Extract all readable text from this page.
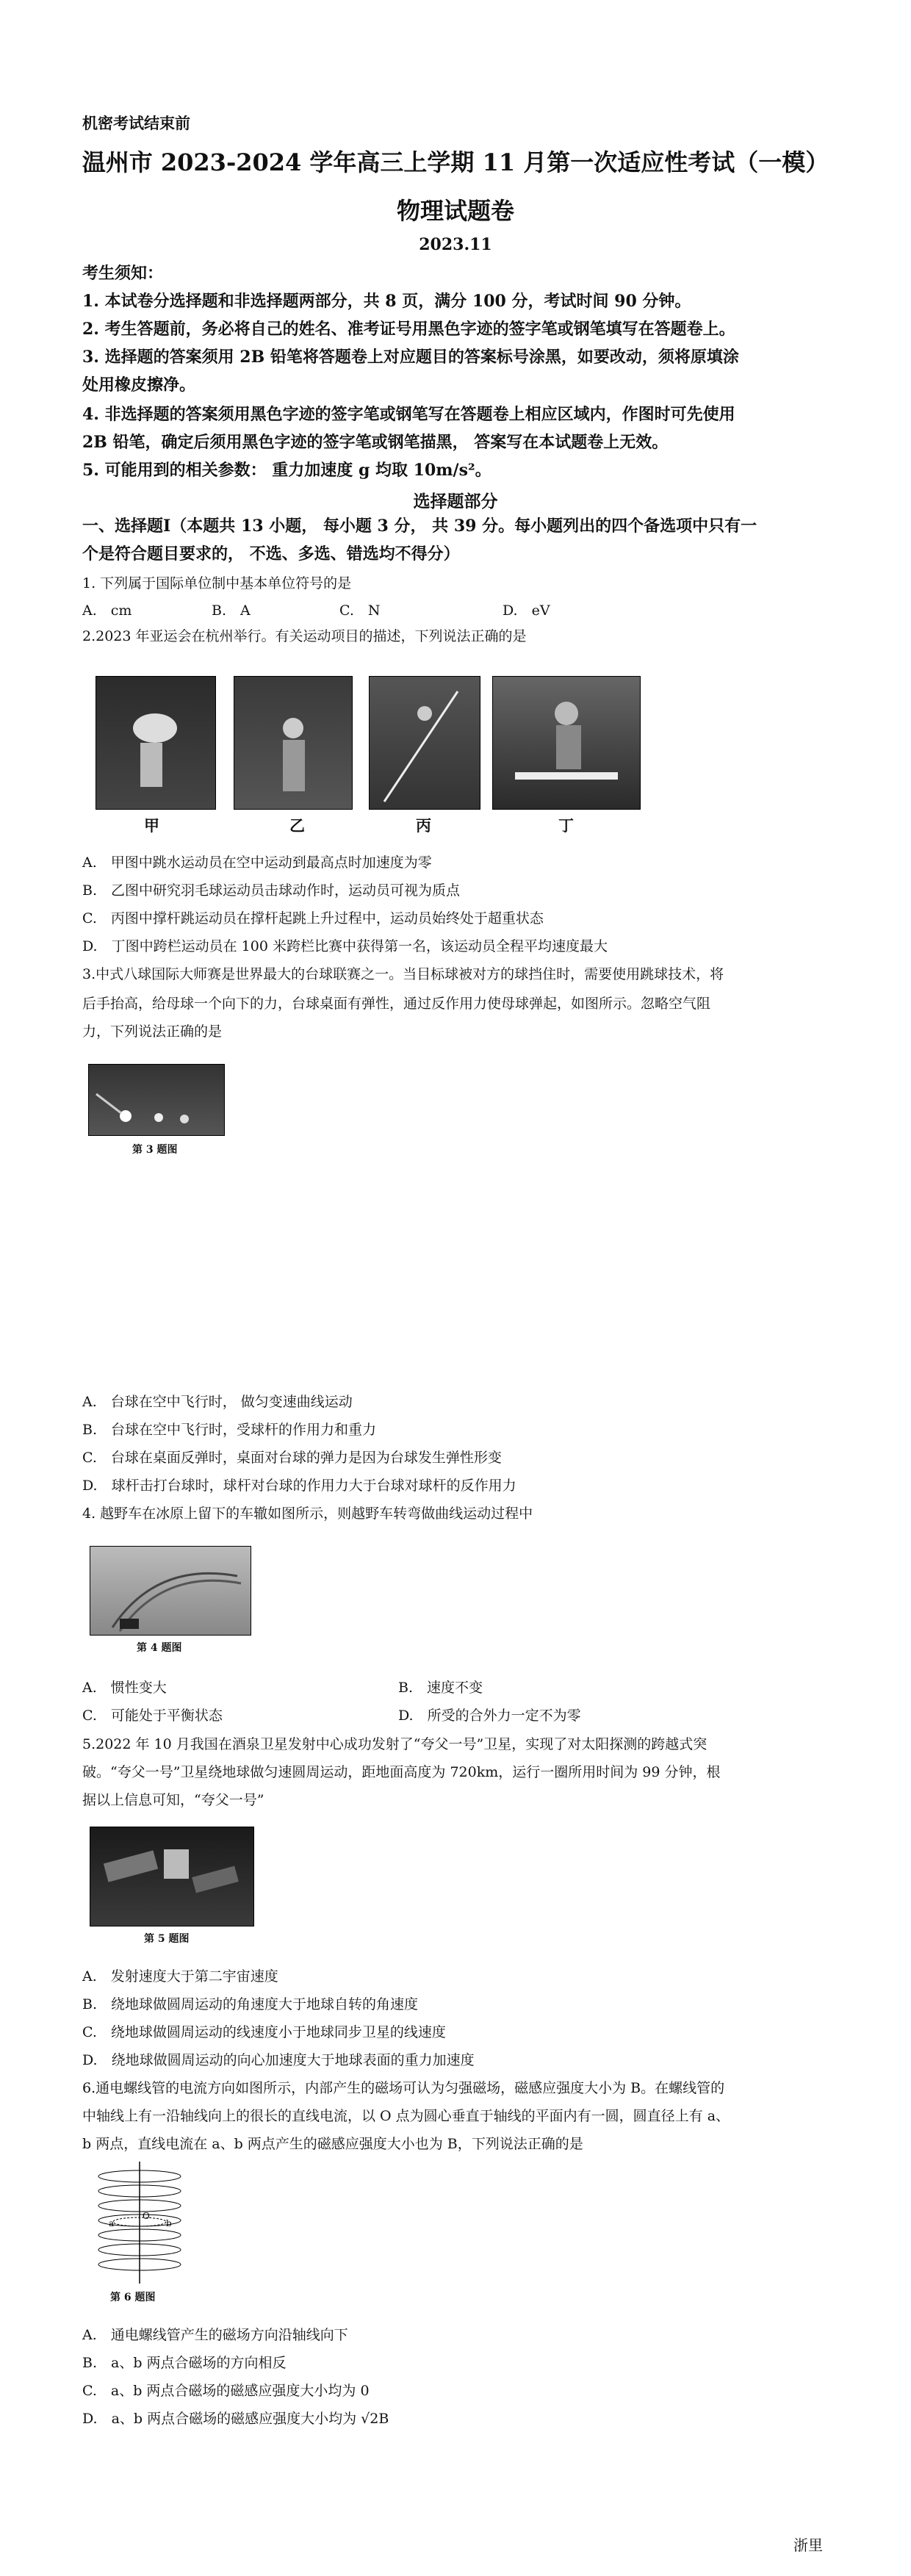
机密考试结束前
温州市 2023-2024 学年高三上学期 11 月第一次适应性考试（一模）
物理试题卷
2023.11
考生须知：
1. 本试卷分选择题和非选择题两部分，共 8 页，满分 100 分，考试时间 90 分钟。
2. 考生答题前，务必将自己的姓名、准考证号用黑色字迹的签字笔或钢笔填写在答题卷上。
3. 选择题的答案须用 2B 铅笔将答题卷上对应题目的答案标号涂黑，如要改动，须将原填涂
处用橡皮擦净。
4. 非选择题的答案须用黑色字迹的签字笔或钢笔写在答题卷上相应区域内，作图时可先使用
2B 铅笔，确定后须用黑色字迹的签字笔或钢笔描黑， 答案写在本试题卷上无效。
5. 可能用到的相关参数： 重力加速度 g 均取 10m/s²。
选择题部分
一、选择题Ⅰ（本题共 13 小题， 每小题 3 分， 共 39 分。每小题列出的四个备选项中只有一
个是符合题目要求的， 不选、多选、错选均不得分）
1. 下列属于国际单位制中基本单位符号的是
A.　cm	B.　A	C.　N	D.　eV
2.2023 年亚运会在杭州举行。有关运动项目的描述，下列说法正确的是
甲	乙	丙	丁
A.　甲图中跳水运动员在空中运动到最高点时加速度为零
B.　乙图中研究羽毛球运动员击球动作时，运动员可视为质点
C.　丙图中撑杆跳运动员在撑杆起跳上升过程中，运动员始终处于超重状态
D.　丁图中跨栏运动员在 100 米跨栏比赛中获得第一名，该运动员全程平均速度最大
3.中式八球国际大师赛是世界最大的台球联赛之一。当目标球被对方的球挡住时，需要使用跳球技术，将
后手抬高，给母球一个向下的力，台球桌面有弹性，通过反作用力使母球弹起，如图所示。忽略空气阻
力，下列说法正确的是
第 3 题图
A.　台球在空中飞行时， 做匀变速曲线运动
B.　台球在空中飞行时，受球杆的作用力和重力
C.　台球在桌面反弹时，桌面对台球的弹力是因为台球发生弹性形变
D.　球杆击打台球时，球杆对台球的作用力大于台球对球杆的反作用力
4. 越野车在冰原上留下的车辙如图所示，则越野车转弯做曲线运动过程中
第 4 题图
A.　惯性变大	B.　速度不变
C.　可能处于平衡状态	D.　所受的合外力一定不为零
5.2022 年 10 月我国在酒泉卫星发射中心成功发射了“夸父一号”卫星，实现了对太阳探测的跨越式突
破。“夸父一号”卫星绕地球做匀速圆周运动，距地面高度为 720km，运行一圈所用时间为 99 分钟，根
据以上信息可知，“夸父一号”
第 5 题图
A.　发射速度大于第二宇宙速度
B.　绕地球做圆周运动的角速度大于地球自转的角速度
C.　绕地球做圆周运动的线速度小于地球同步卫星的线速度
D.　绕地球做圆周运动的向心加速度大于地球表面的重力加速度
6.通电螺线管的电流方向如图所示，内部产生的磁场可认为匀强磁场，磁感应强度大小为 B。在螺线管的
中轴线上有一沿轴线向上的很长的直线电流，以 O 点为圆心垂直于轴线的平面内有一圆，圆直径上有 a、
b 两点，直线电流在 a、b 两点产生的磁感应强度大小也为 B，下列说法正确的是
a
O
b
第 6 题图
A.　通电螺线管产生的磁场方向沿轴线向下
B.　a、b 两点合磁场的方向相反
C.　a、b 两点合磁场的磁感应强度大小均为 0
D.　a、b 两点合磁场的磁感应强度大小均为 √2B
浙里
